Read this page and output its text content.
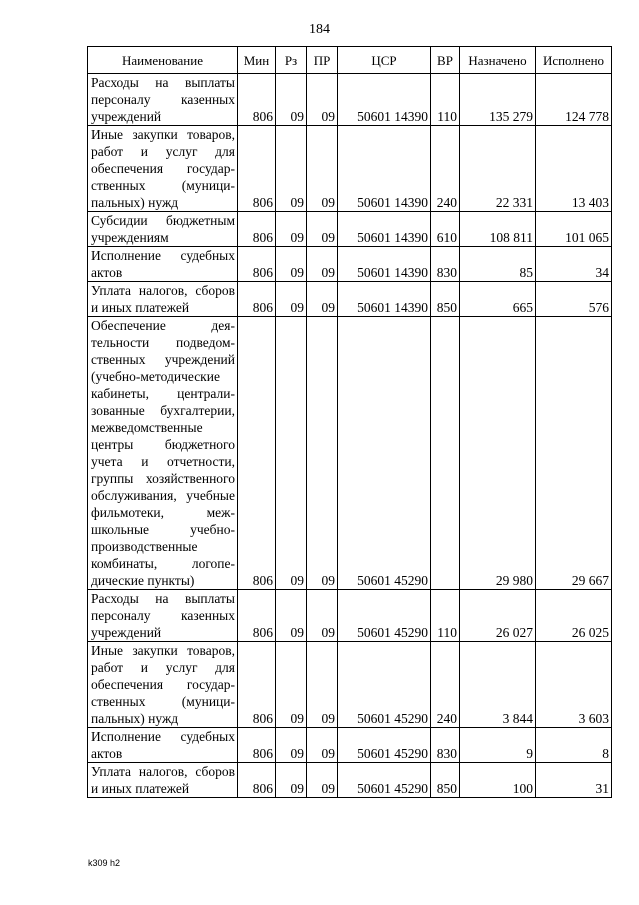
184
Наименование	Мин	Рз	ПР	ЦСР	ВР	Назначено	Исполнено
Расходы на выплаты персоналу казенных учреждений	806	09	09	50601 14390	110	135 279	124 778
Иные закупки товаров, работ и услуг для обеспечения государственных (муниципальных) нужд	806	09	09	50601 14390	240	22 331	13 403
Субсидии бюджетным учреждениям	806	09	09	50601 14390	610	108 811	101 065
Исполнение судебных актов	806	09	09	50601 14390	830	85	34
Уплата налогов, сборов и иных платежей	806	09	09	50601 14390	850	665	576
Обеспечение деятельности подведомственных учреждений (учебно-методические кабинеты, централизованные бухгалтерии, межведомственные центры бюджетного учета и отчетности, группы хозяйственного обслуживания, учебные фильмотеки, межшкольные учебно-производственные комбинаты, логопедические пункты)	806	09	09	50601 45290		29 980	29 667
Расходы на выплаты персоналу казенных учреждений	806	09	09	50601 45290	110	26 027	26 025
Иные закупки товаров, работ и услуг для обеспечения государственных (муниципальных) нужд	806	09	09	50601 45290	240	3 844	3 603
Исполнение судебных актов	806	09	09	50601 45290	830	9	8
Уплата налогов, сборов и иных платежей	806	09	09	50601 45290	850	100	31
k309 h2
